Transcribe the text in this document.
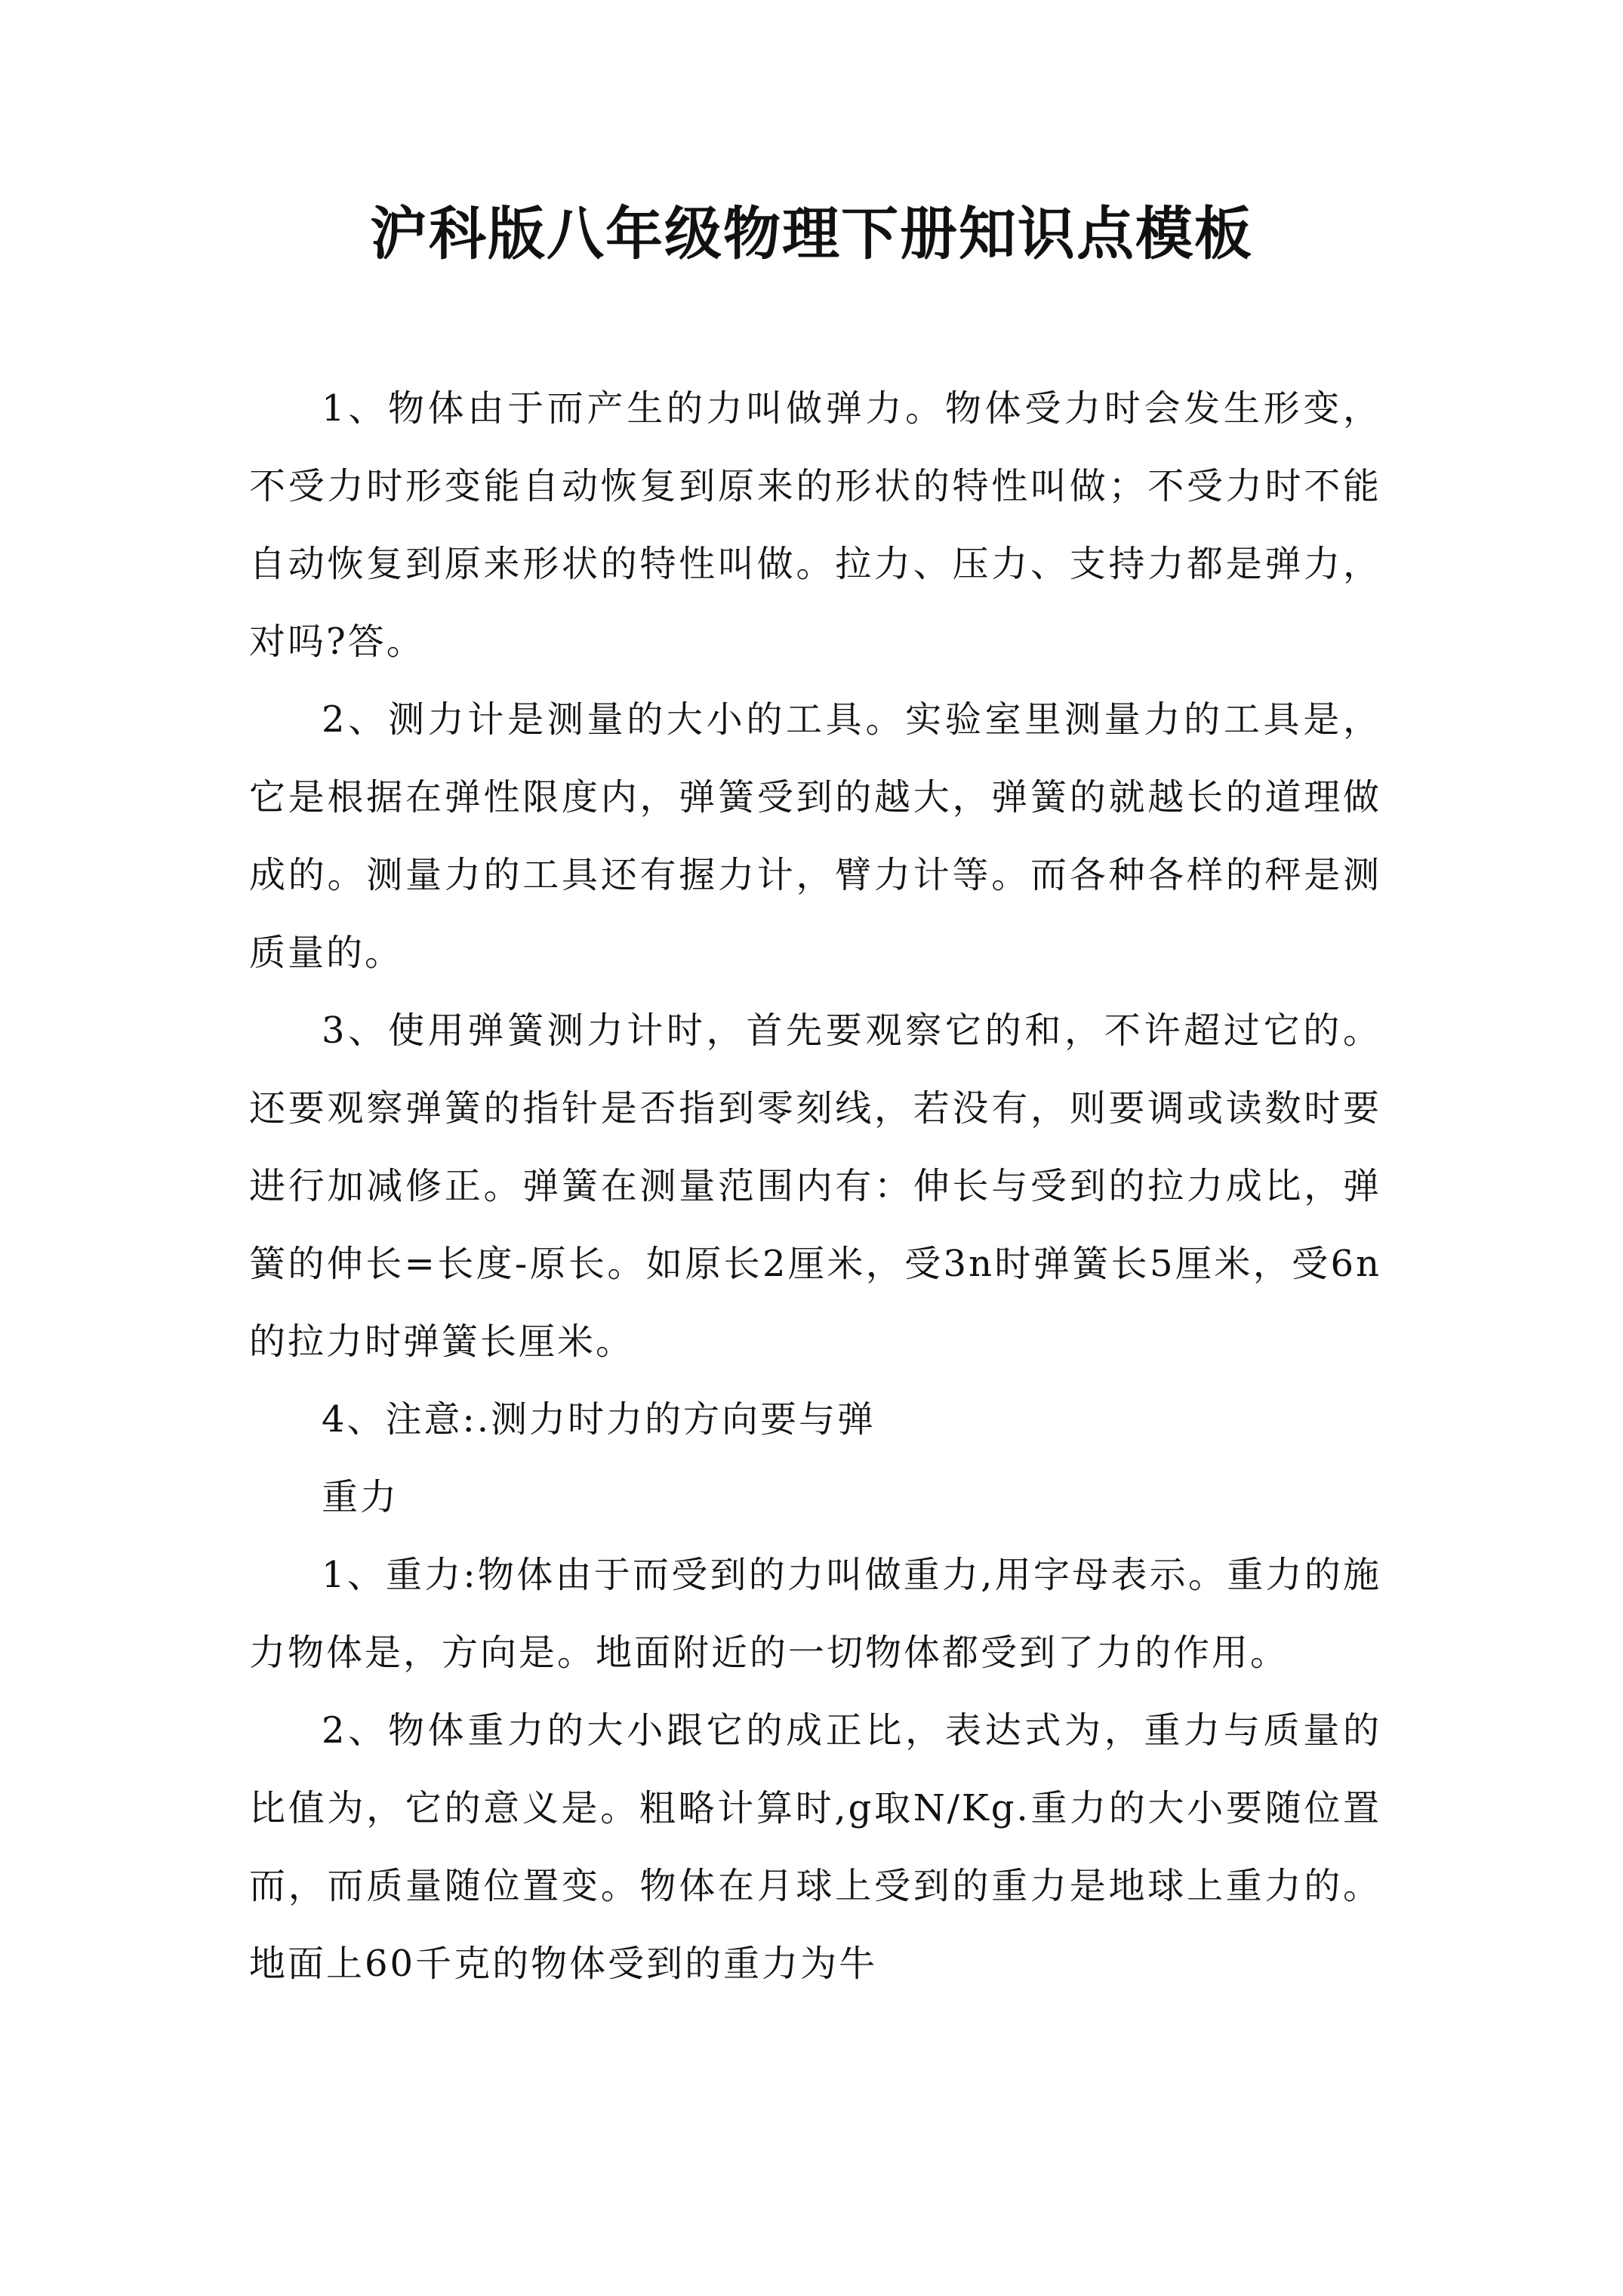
沪科版八年级物理下册知识点模板

1、物体由于而产生的力叫做弹力。物体受力时会发生形变，不受力时形变能自动恢复到原来的形状的特性叫做；不受力时不能自动恢复到原来形状的特性叫做。拉力、压力、支持力都是弹力，对吗?答。

2、测力计是测量的大小的工具。实验室里测量力的工具是，它是根据在弹性限度内，弹簧受到的越大，弹簧的就越长的道理做成的。测量力的工具还有握力计，臂力计等。而各种各样的秤是测质量的。

3、使用弹簧测力计时，首先要观察它的和，不许超过它的。还要观察弹簧的指针是否指到零刻线，若没有，则要调或读数时要进行加减修正。弹簧在测量范围内有：伸长与受到的拉力成比，弹簧的伸长=长度-原长。如原长2厘米，受3n时弹簧长5厘米，受6n的拉力时弹簧长厘米。

4、注意:.测力时力的方向要与弹

重力

1、重力:物体由于而受到的力叫做重力,用字母表示。重力的施力物体是，方向是。地面附近的一切物体都受到了力的作用。

2、物体重力的大小跟它的成正比，表达式为，重力与质量的比值为，它的意义是。粗略计算时,g取N/Kg.重力的大小要随位置而，而质量随位置变。物体在月球上受到的重力是地球上重力的。地面上60千克的物体受到的重力为牛
